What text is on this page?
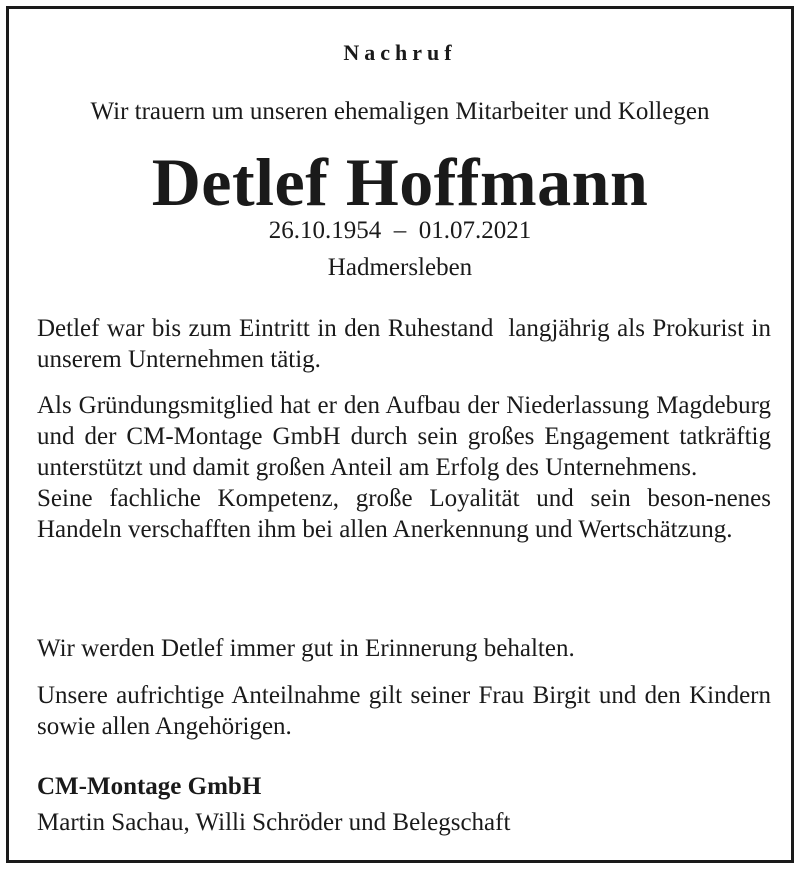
Nachruf
Wir trauern um unseren ehemaligen Mitarbeiter und Kollegen
Detlef Hoffmann
26.10.1954  –  01.07.2021
Hadmersleben
Detlef war bis zum Eintritt in den Ruhestand  langjährig als Prokurist in unserem Unternehmen tätig.
Als Gründungsmitglied hat er den Aufbau der Niederlassung Magdeburg und der CM-Montage GmbH durch sein großes Engagement tatkräftig unterstützt und damit großen Anteil am Erfolg des Unternehmens.
Seine fachliche Kompetenz, große Loyalität und sein beson-nenes Handeln verschafften ihm bei allen Anerkennung und Wertschätzung.
Wir werden Detlef immer gut in Erinnerung behalten.
Unsere aufrichtige Anteilnahme gilt seiner Frau Birgit und den Kindern sowie allen Angehörigen.
CM-Montage GmbH
Martin Sachau, Willi Schröder und Belegschaft
